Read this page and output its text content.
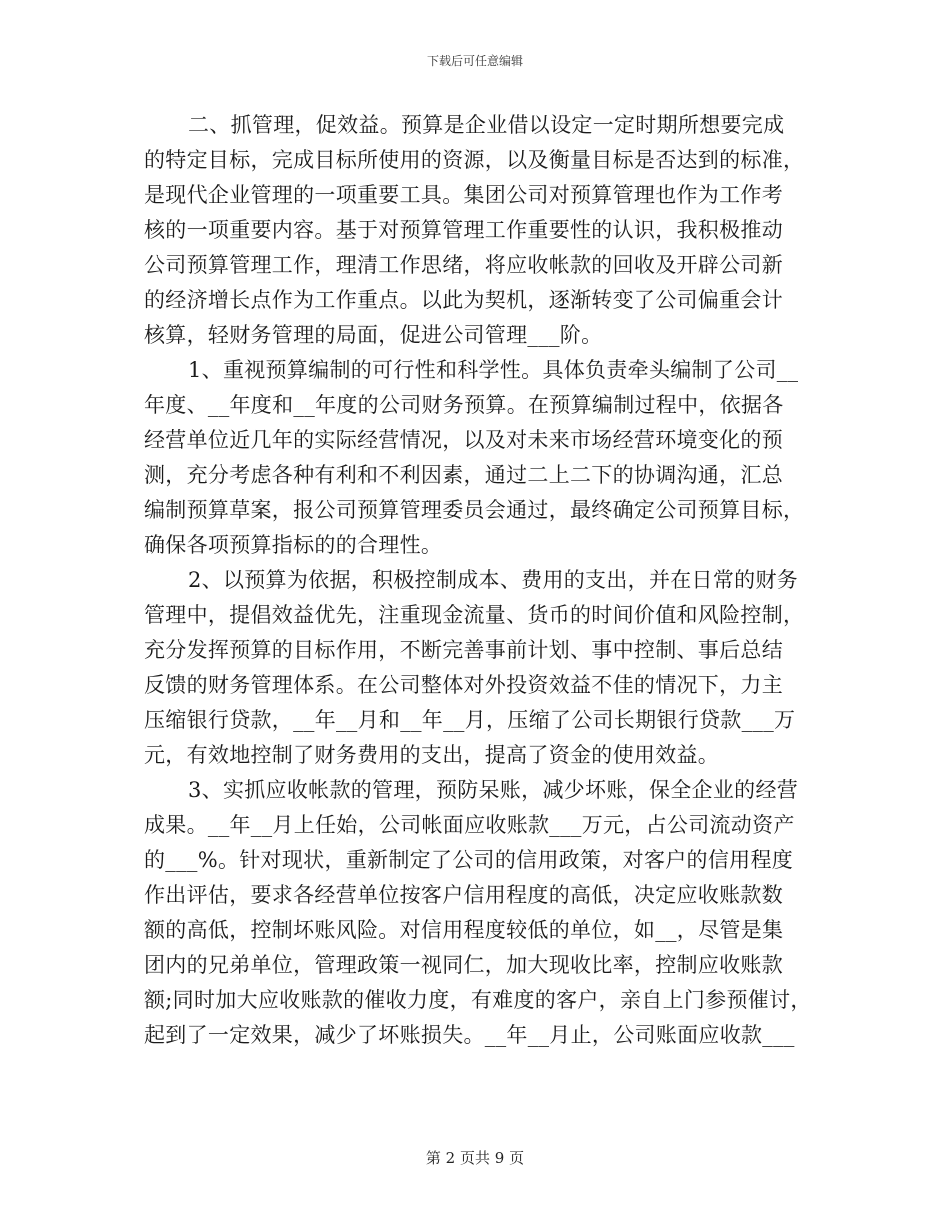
下载后可任意编辑

二、抓管理，促效益。预算是企业借以设定一定时期所想要完成
的特定目标，完成目标所使用的资源，以及衡量目标是否达到的标准，
是现代企业管理的一项重要工具。集团公司对预算管理也作为工作考
核的一项重要内容。基于对预算管理工作重要性的认识，我积极推动
公司预算管理工作，理清工作思绪，将应收帐款的回收及开辟公司新
的经济增长点作为工作重点。以此为契机，逐渐转变了公司偏重会计
核算，轻财务管理的局面，促进公司管理___阶。

1、重视预算编制的可行性和科学性。具体负责牵头编制了公司__
年度、__年度和__年度的公司财务预算。在预算编制过程中，依据各
经营单位近几年的实际经营情况，以及对未来市场经营环境变化的预
测，充分考虑各种有利和不利因素，通过二上二下的协调沟通，汇总
编制预算草案，报公司预算管理委员会通过，最终确定公司预算目标，
确保各项预算指标的的合理性。

2、以预算为依据，积极控制成本、费用的支出，并在日常的财务
管理中，提倡效益优先，注重现金流量、货币的时间价值和风险控制，
充分发挥预算的目标作用，不断完善事前计划、事中控制、事后总结
反馈的财务管理体系。在公司整体对外投资效益不佳的情况下，力主
压缩银行贷款，__年__月和__年__月，压缩了公司长期银行贷款___万
元，有效地控制了财务费用的支出，提高了资金的使用效益。

3、实抓应收帐款的管理，预防呆账，减少坏账，保全企业的经营
成果。__年__月上任始，公司帐面应收账款___万元，占公司流动资产
的___%。针对现状，重新制定了公司的信用政策，对客户的信用程度
作出评估，要求各经营单位按客户信用程度的高低，决定应收账款数
额的高低，控制坏账风险。对信用程度较低的单位，如__，尽管是集
团内的兄弟单位，管理政策一视同仁，加大现收比率，控制应收账款
额;同时加大应收账款的催收力度，有难度的客户，亲自上门参预催讨，
起到了一定效果，减少了坏账损失。__年__月止，公司账面应收款___

第 2 页共 9 页
